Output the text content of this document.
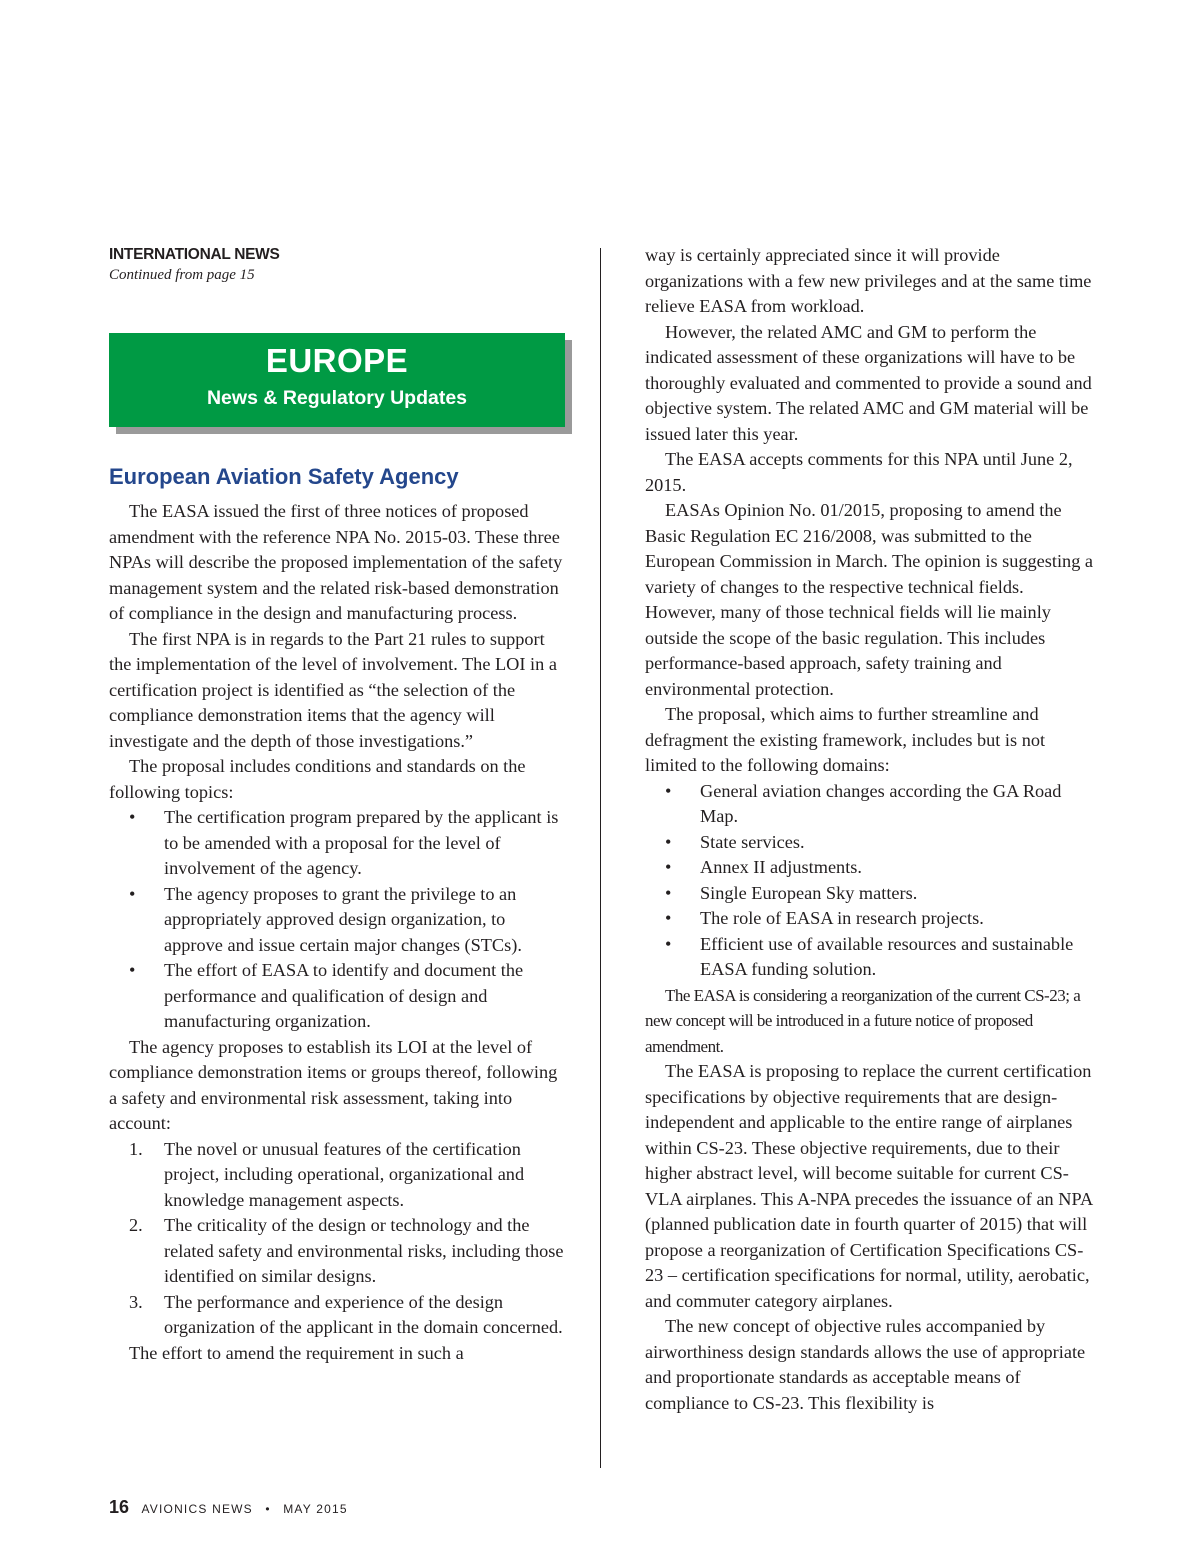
INTERNATIONAL NEWS
Continued from page 15
EUROPE
News & Regulatory Updates
European Aviation Safety Agency

The EASA issued the first of three notices of proposed amendment with the reference NPA No. 2015-03. These three NPAs will describe the proposed implementation of the safety management system and the related risk-based demonstration of compliance in the design and manufacturing process.

The first NPA is in regards to the Part 21 rules to support the implementation of the level of involvement. The LOI in a certification project is identified as “the selection of the compliance demonstration items that the agency will investigate and the depth of those investigations.”

The proposal includes conditions and standards on the following topics:

• The certification program prepared by the applicant is to be amended with a proposal for the level of involvement of the agency.
• The agency proposes to grant the privilege to an appropriately approved design organization, to approve and issue certain major changes (STCs).
• The effort of EASA to identify and document the performance and qualification of design and manufacturing organization.

The agency proposes to establish its LOI at the level of compliance demonstration items or groups thereof, following a safety and environmental risk assessment, taking into account:

1. The novel or unusual features of the certification project, including operational, organizational and knowledge management aspects.
2. The criticality of the design or technology and the related safety and environmental risks, including those identified on similar designs.
3. The performance and experience of the design organization of the applicant in the domain concerned.

The effort to amend the requirement in such a

way is certainly appreciated since it will provide organizations with a few new privileges and at the same time relieve EASA from workload.

However, the related AMC and GM to perform the indicated assessment of these organizations will have to be thoroughly evaluated and commented to provide a sound and objective system. The related AMC and GM material will be issued later this year.

The EASA accepts comments for this NPA until June 2, 2015.

EASAs Opinion No. 01/2015, proposing to amend the Basic Regulation EC 216/2008, was submitted to the European Commission in March. The opinion is suggesting a variety of changes to the respective technical fields. However, many of those technical fields will lie mainly outside the scope of the basic regulation. This includes performance-based approach, safety training and environmental protection.

The proposal, which aims to further streamline and defragment the existing framework, includes but is not limited to the following domains:

• General aviation changes according the GA Road Map.
• State services.
• Annex II adjustments.
• Single European Sky matters.
• The role of EASA in research projects.
• Efficient use of available resources and sustainable EASA funding solution.

The EASA is considering a reorganization of the current CS-23; a new concept will be introduced in a future notice of proposed amendment.

The EASA is proposing to replace the current certification specifications by objective requirements that are design-independent and applicable to the entire range of airplanes within CS-23. These objective requirements, due to their higher abstract level, will become suitable for current CS-VLA airplanes. This A-NPA precedes the issuance of an NPA (planned publication date in fourth quarter of 2015) that will propose a reorganization of Certification Specifications CS-23 – certification specifications for normal, utility, aerobatic, and commuter category airplanes.

The new concept of objective rules accompanied by airworthiness design standards allows the use of appropriate and proportionate standards as acceptable means of compliance to CS-23. This flexibility is

16 AVIONICS NEWS • MAY 2015
